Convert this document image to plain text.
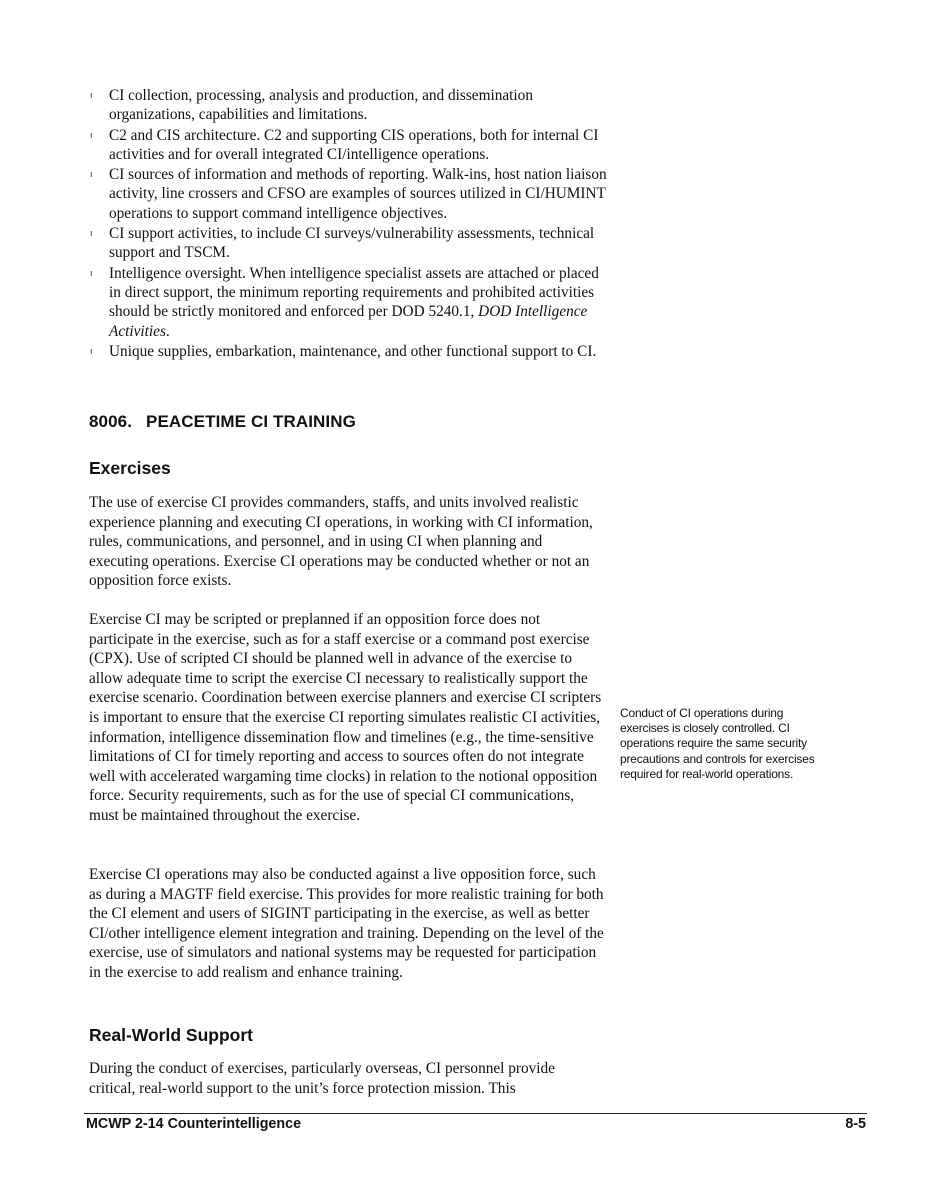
ı CI collection, processing, analysis and production, and dissemination organizations, capabilities and limitations.
ı C2 and CIS architecture. C2 and supporting CIS operations, both for internal CI activities and for overall integrated CI/intelligence operations.
ı CI sources of information and methods of reporting. Walk-ins, host nation liaison activity, line crossers and CFSO are examples of sources utilized in CI/HUMINT operations to support command intelligence objectives.
ı CI support activities, to include CI surveys/vulnerability assessments, technical support and TSCM.
ı Intelligence oversight. When intelligence specialist assets are attached or placed in direct support, the minimum reporting requirements and prohibited activities should be strictly monitored and enforced per DOD 5240.1, DOD Intelligence Activities.
ı Unique supplies, embarkation, maintenance, and other functional support to CI.
8006. PEACETIME CI TRAINING
Exercises

The use of exercise CI provides commanders, staffs, and units involved realistic experience planning and executing CI operations, in working with CI information, rules, communications, and personnel, and in using CI when planning and executing operations. Exercise CI operations may be conducted whether or not an opposition force exists.

Exercise CI may be scripted or preplanned if an opposition force does not participate in the exercise, such as for a staff exercise or a command post exercise (CPX). Use of scripted CI should be planned well in advance of the exercise to allow adequate time to script the exercise CI necessary to realistically support the exercise scenario. Coordination between exercise planners and exercise CI scripters is important to ensure that the exercise CI reporting simulates realistic CI activities, information, intelligence dissemination flow and timelines (e.g., the time-sensitive limitations of CI for timely reporting and access to sources often do not integrate well with accelerated wargaming time clocks) in relation to the notional opposition force. Security requirements, such as for the use of special CI communications, must be maintained throughout the exercise.

Exercise CI operations may also be conducted against a live opposition force, such as during a MAGTF field exercise. This provides for more realistic training for both the CI element and users of SIGINT participating in the exercise, as well as better CI/other intelligence element integration and training. Depending on the level of the exercise, use of simulators and national systems may be requested for participation in the exercise to add realism and enhance training.

Conduct of CI operations during exercises is closely controlled. CI operations require the same security precautions and controls for exercises required for real-world operations.

Real-World Support

During the conduct of exercises, particularly overseas, CI personnel provide critical, real-world support to the unit’s force protection mission. This

MCWP 2-14 Counterintelligence	8-5
